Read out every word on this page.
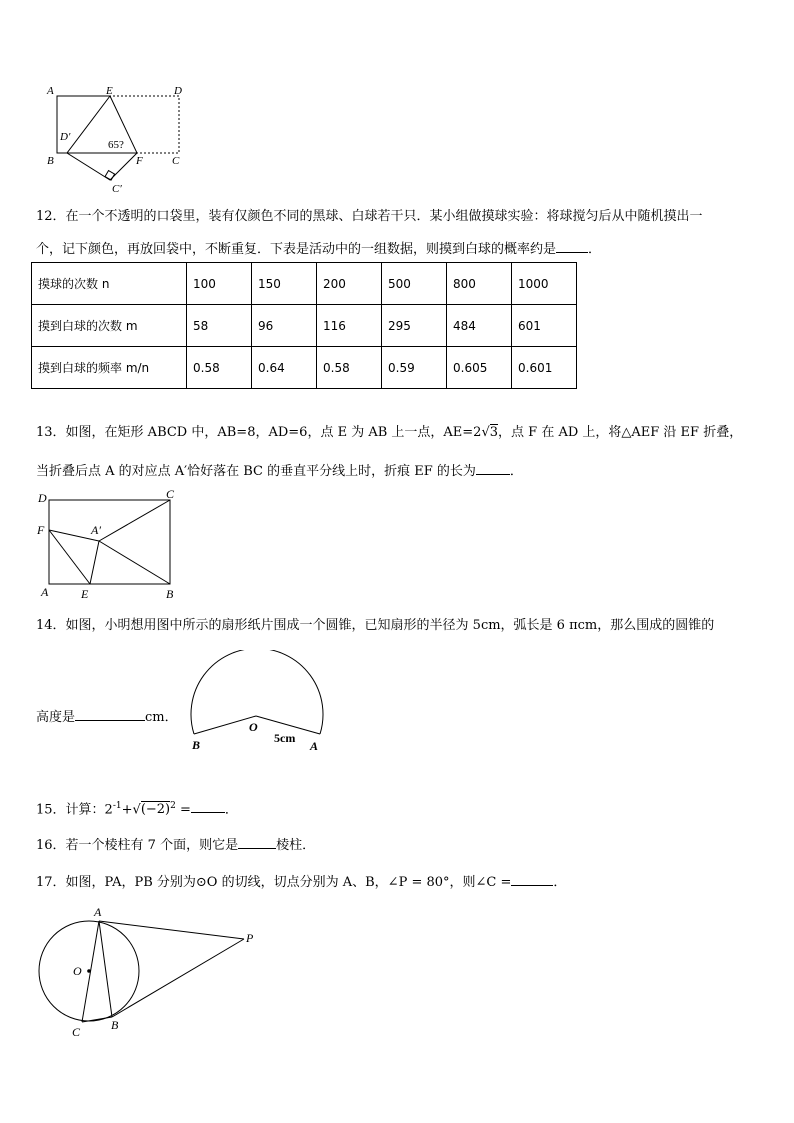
A	E	D
D′
65?
B	F	C
C′
12．在一个不透明的口袋里，装有仅颜色不同的黑球、白球若干只．某小组做摸球实验：将球搅匀后从中随机摸出一
个，记下颜色，再放回袋中，不断重复．下表是活动中的一组数据，则摸到白球的概率约是 ．
摸球的次数 n	100	150	200	500	800	1000
摸到白球的次数 m	58	96	116	295	484	601
摸到白球的频率 m/n	0.58	0.64	0.58	0.59	0.605	0.601
13．如图，在矩形 ABCD 中，AB=8，AD=6，点 E 为 AB 上一点，AE=2√3，点 F 在 AD 上，将△AEF 沿 EF 折叠，
当折叠后点 A 的对应点 A′恰好落在 BC 的垂直平分线上时，折痕 EF 的长为	．
D	C
F	A′
A	E	B
14．如图，小明想用图中所示的扇形纸片围成一个圆锥，已知扇形的半径为 5cm，弧长是 6 πcm，那么围成的圆锥的
高度是	cm．
O
B	A
5cm
15．计算：$2^{-1}+√(-2)^2$ =	．
16．若一个棱柱有 7 个面，则它是	棱柱．
17．如图，PA，PB 分别为⊙O 的切线，切点分别为 A、B，∠P = 80°，则∠C =	．
A
P
O
C	B
